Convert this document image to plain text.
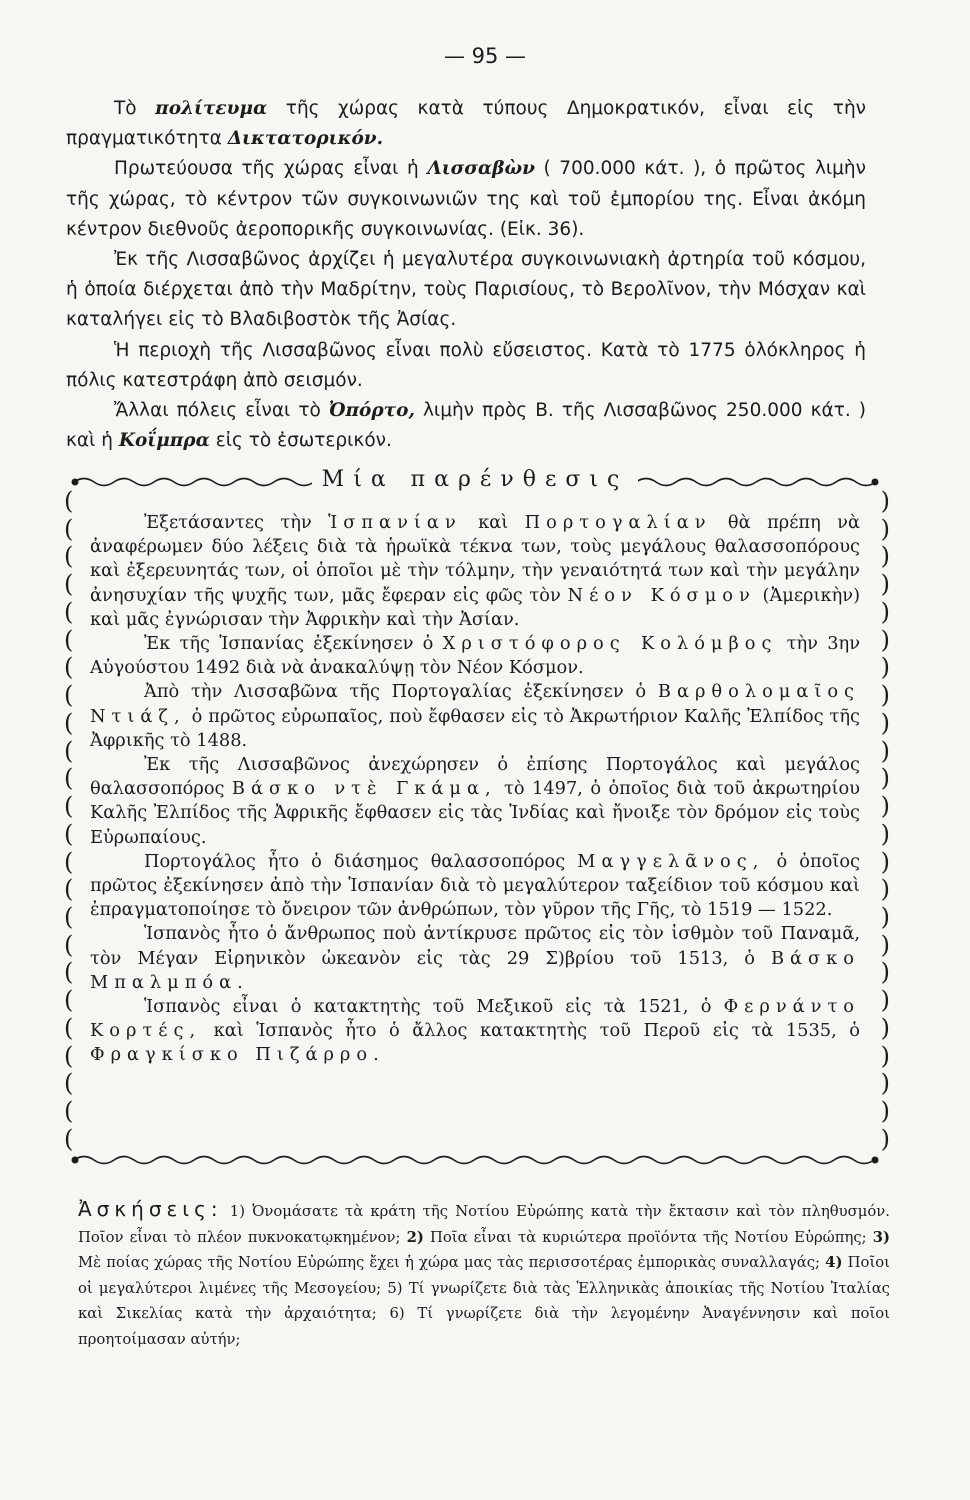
— 95 —

Τὸ πολίτευμα τῆς χώρας κατὰ τύπους Δημοκρατικόν, εἶναι εἰς τὴν πραγματικότητα Δικτατορικόν.

Πρωτεύουσα τῆς χώρας εἶναι ἡ Λισσαβὼν ( 700.000 κάτ. ), ὁ πρῶτος λιμὴν τῆς χώρας, τὸ κέντρον τῶν συγκοινωνιῶν της καὶ τοῦ ἐμπορίου της. Εἶναι ἀκόμη κέντρον διεθνοῦς ἀεροπορικῆς συγκοινωνίας. (Εἰκ. 36).

Ἐκ τῆς Λισσαβῶνος ἀρχίζει ἡ μεγαλυτέρα συγκοινωνιακὴ ἀρτηρία τοῦ κόσμου, ἡ ὁποία διέρχεται ἀπὸ τὴν Μαδρίτην, τοὺς Παρισίους, τὸ Βερολῖνον, τὴν Μόσχαν καὶ καταλήγει εἰς τὸ Βλαδιβοστὸκ τῆς Ἀσίας.

Ἡ περιοχὴ τῆς Λισσαβῶνος εἶναι πολὺ εὔσειστος. Κατὰ τὸ 1775 ὁλόκληρος ἡ πόλις κατεστράφη ἀπὸ σεισμόν.

Ἄλλαι πόλεις εἶναι τὸ Ὀπόρτο, λιμὴν πρὸς Β. τῆς Λισσαβῶνος 250.000 κάτ. ) καὶ ἡ Κοΐμπρα εἰς τὸ ἐσωτερικόν.

Μία παρένθεσις
(
(
(
(
(
(
(
(
(
(
(
(
(
(
(
(
(
(
(
(
(
(
(
(
)
)
)
)
)
)
)
)
)
)
)
)
)
)
)
)
)
)
)
)
)
)
)
)

Ἐξετάσαντες τὴν Ἱσπανίαν καὶ Πορτογαλίαν θὰ πρέπη νὰ ἀναφέρωμεν δύο λέξεις διὰ τὰ ἡρωϊκὰ τέκνα των, τοὺς μεγάλους θαλασσοπόρους καὶ ἐξερευνητάς των, οἱ ὁποῖοι μὲ τὴν τόλμην, τὴν γεναιότητά των καὶ τὴν μεγάλην ἀνησυχίαν τῆς ψυχῆς των, μᾶς ἔφεραν εἰς φῶς τὸν Νέον Κόσμον (Ἀμερικὴν) καὶ μᾶς ἐγνώρισαν τὴν Ἀφρικὴν καὶ τὴν Ἀσίαν.

Ἐκ τῆς Ἱσπανίας ἐξεκίνησεν ὁ Χριστόφορος Κολόμβος τὴν 3ην Αὐγούστου 1492 διὰ νὰ ἀνακαλύψῃ τὸν Νέον Κόσμον.

Ἀπὸ τὴν Λισσαβῶνα τῆς Πορτογαλίας ἐξεκίνησεν ὁ Βαρθολομαῖος Ντιάζ, ὁ πρῶτος εὐρωπαῖος, ποὺ ἔφθασεν εἰς τὸ Ἀκρωτήριον Καλῆς Ἐλπίδος τῆς Ἀφρικῆς τὸ 1488.

Ἐκ τῆς Λισσαβῶνος ἀνεχώρησεν ὁ ἐπίσης Πορτογάλος καὶ μεγάλος θαλασσοπόρος Βάσκο ντὲ Γκάμα, τὸ 1497, ὁ ὁποῖος διὰ τοῦ ἀκρωτηρίου Καλῆς Ἐλπίδος τῆς Ἀφρικῆς ἔφθασεν εἰς τὰς Ἰνδίας καὶ ἤνοιξε τὸν δρόμον εἰς τοὺς Εὐρωπαίους.

Πορτογάλος ἦτο ὁ διάσημος θαλασσοπόρος Μαγγελᾶνος, ὁ ὁποῖος πρῶτος ἐξεκίνησεν ἀπὸ τὴν Ἱσπανίαν διὰ τὸ μεγαλύτερον ταξείδιον τοῦ κόσμου καὶ ἐπραγματοποίησε τὸ ὄνειρον τῶν ἀνθρώπων, τὸν γῦρον τῆς Γῆς, τὸ 1519 — 1522.

Ἱσπανὸς ἦτο ὁ ἄνθρωπος ποὺ ἀντίκρυσε πρῶτος εἰς τὸν ἰσθμὸν τοῦ Παναμᾶ, τὸν Μέγαν Εἰρηνικὸν ὠκεανὸν εἰς τὰς 29 Σ)βρίου τοῦ 1513, ὁ Βάσκο Μπαλμπόα.

Ἱσπανὸς εἶναι ὁ κατακτητὴς τοῦ Μεξικοῦ εἰς τὰ 1521, ὁ Φερνάντο Κορτές, καὶ Ἱσπανὸς ἦτο ὁ ἄλλος κατακτητὴς τοῦ Περοῦ εἰς τὰ 1535, ὁ Φραγκίσκο Πιζάρρο.

Ἀσκήσεις: 1) Ὀνομάσατε τὰ κράτη τῆς Νοτίου Εὐρώπης κατὰ τὴν ἔκτασιν καὶ τὸν πληθυσμόν. Ποῖον εἶναι τὸ πλέον πυκνοκατῳκημένον; 2) Ποῖα εἶναι τὰ κυριώτερα προϊόντα τῆς Νοτίου Εὐρώπης; 3) Μὲ ποίας χώρας τῆς Νοτίου Εὐρώπης ἔχει ἡ χώρα μας τὰς περισσοτέρας ἐμπορικὰς συναλλαγάς; 4) Ποῖοι οἱ μεγαλύτεροι λιμένες τῆς Μεσογείου; 5) Τί γνωρίζετε διὰ τὰς Ἑλληνικὰς ἀποικίας τῆς Νοτίου Ἰταλίας καὶ Σικελίας κατὰ τὴν ἀρχαιότητα; 6) Τί γνωρίζετε διὰ τὴν λεγομένην Ἀναγέννησιν καὶ ποῖοι προητοίμασαν αὐτήν;
